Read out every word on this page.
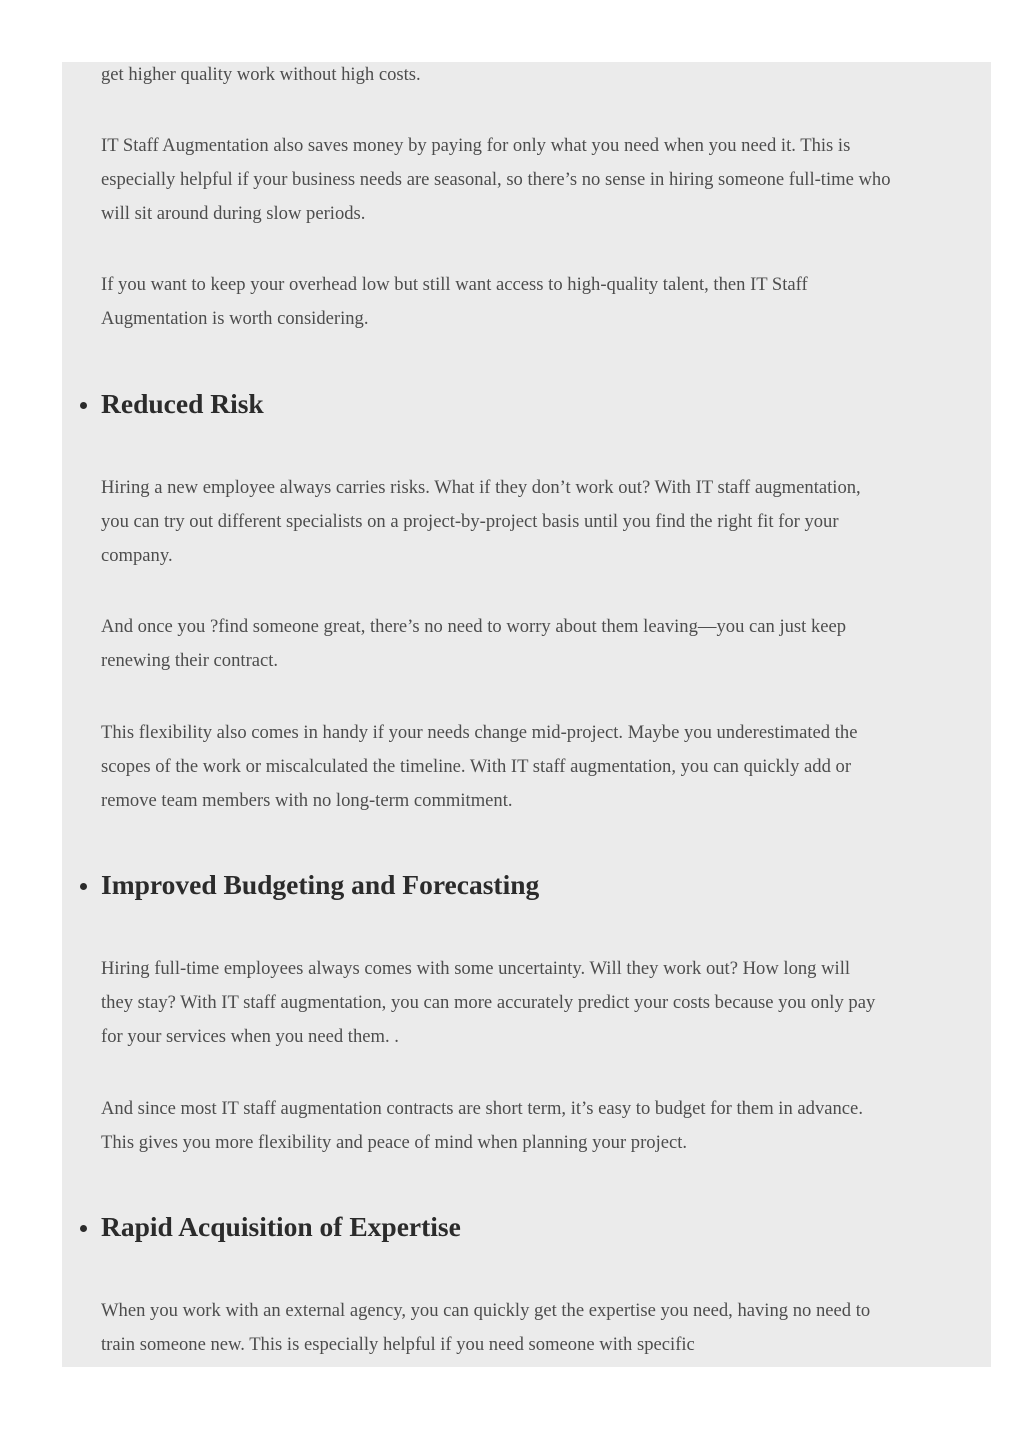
get higher quality work without high costs.

IT Staff Augmentation also saves money by paying for only what you need when you need it. This is especially helpful if your business needs are seasonal, so there’s no sense in hiring someone full-time who will sit around during slow periods.

If you want to keep your overhead low but still want access to high-quality talent, then IT Staff Augmentation is worth considering.

Reduced Risk

Hiring a new employee always carries risks. What if they don’t work out? With IT staff augmentation, you can try out different specialists on a project-by-project basis until you find the right fit for your company.

And once you ?find someone great, there’s no need to worry about them leaving—you can just keep renewing their contract.

This flexibility also comes in handy if your needs change mid-project. Maybe you underestimated the scopes of the work or miscalculated the timeline. With IT staff augmentation, you can quickly add or remove team members with no long-term commitment.

Improved Budgeting and Forecasting

Hiring full-time employees always comes with some uncertainty. Will they work out? How long will they stay? With IT staff augmentation, you can more accurately predict your costs because you only pay for your services when you need them. .

And since most IT staff augmentation contracts are short term, it’s easy to budget for them in advance. This gives you more flexibility and peace of mind when planning your project.

Rapid Acquisition of Expertise

When you work with an external agency, you can quickly get the expertise you need, having no need to train someone new. This is especially helpful if you need someone with specific
